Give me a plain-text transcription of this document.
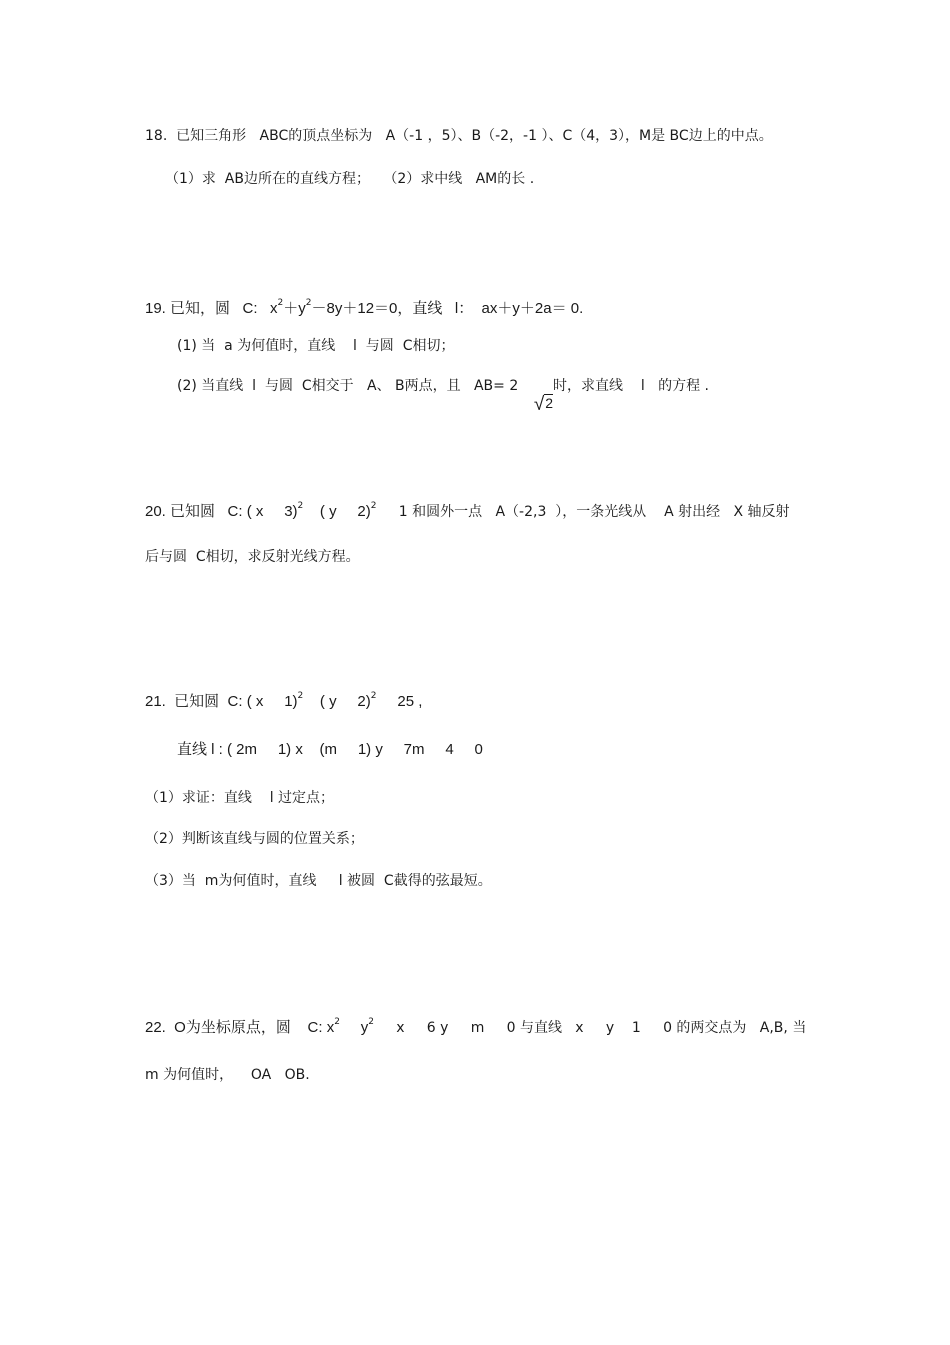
18.  已知三角形   ABC的顶点坐标为   A（-1 ，5）、B（-2，-1 ）、C（4，3），M是 BC边上的中点。
（1）求  AB边所在的直线方程；   （2）求中线   AM的长 .
19. 已知，圆   C:   x 2 ＋y 2 －8y＋12＝0，直线   l：  ax＋y＋2a＝ 0.
(1) 当  a 为何值时，直线    l  与圆  C相切；
(2) 当直线  l  与圆  C相交于   A、 B两点，且   AB= 2

√2

时，求直线    l   的方程 .
20. 已知圆   C: ( x     3) 2 ( y     2) 2 1 和圆外一点   A（-2,3  ），一条光线从    A 射出经   X 轴反射
后与圆  C相切，求反射光线方程。
21.  已知圆  C: ( x     1) 2 ( y     2) 2 25 ,
直线 l : ( 2m     1) x    (m     1) y     7m     4     0
（1）求证：直线    l 过定点；
（2）判断该直线与圆的位置关系；
（3）当  m为何值时，直线     l 被圆  C截得的弦最短。
22.  O为坐标原点，圆    C: x 2 y 2 x     6 y     m     0 与直线   x     y    1     0 的两交点为   A,B, 当
m 为何值时，    OA   OB.
